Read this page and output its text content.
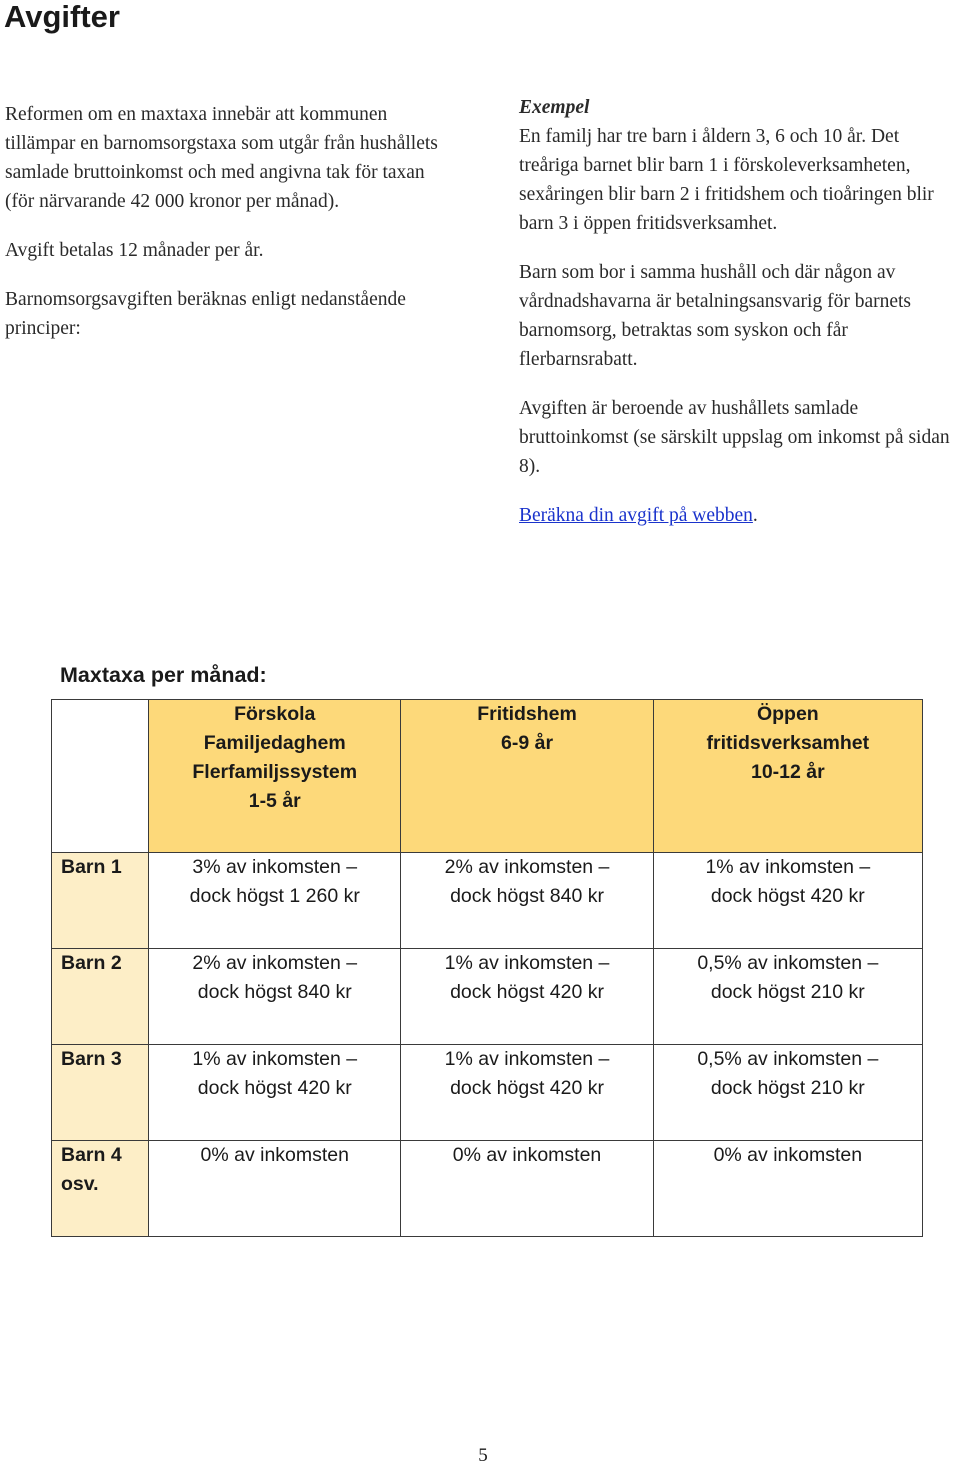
Avgifter

Reformen om en maxtaxa innebär att kommunen tillämpar en barnomsorgstaxa som utgår från hushållets samlade bruttoinkomst och med angivna tak för taxan (för närvarande 42 000 kronor per månad).

Avgift betalas 12 månader per år.

Barnomsorgsavgiften beräknas enligt nedanstående principer:

Exempel
En familj har tre barn i åldern 3, 6 och 10 år. Det treåriga barnet blir barn 1 i förskoleverksamheten, sexåringen blir barn 2 i fritidshem och tioåringen blir barn 3 i öppen fritidsverksamhet.

Barn som bor i samma hushåll och där någon av vårdnadshavarna är betalningsansvarig för barnets barnomsorg, betraktas som syskon och får flerbarnsrabatt.

Avgiften är beroende av hushållets samlade bruttoinkomst (se särskilt uppslag om inkomst på sidan 8).

Beräkna din avgift på webben.

Maxtaxa per månad:

	Förskola
Familjedaghem
Flerfamiljssystem
1-5 år	Fritidshem
6-9 år	Öppen
fritidsverksamhet
10-12 år

Barn 1	3% av inkomsten –
dock högst 1 260 kr	2% av inkomsten –
dock högst 840 kr	1% av inkomsten –
dock högst 420 kr

Barn 2	2% av inkomsten –
dock högst 840 kr	1% av inkomsten –
dock högst 420 kr	0,5% av inkomsten –
dock högst 210 kr

Barn 3	1% av inkomsten –
dock högst 420 kr	1% av inkomsten –
dock högst 420 kr	0,5% av inkomsten –
dock högst 210 kr

Barn 4
osv.	0% av inkomsten	0% av inkomsten	0% av inkomsten
5
